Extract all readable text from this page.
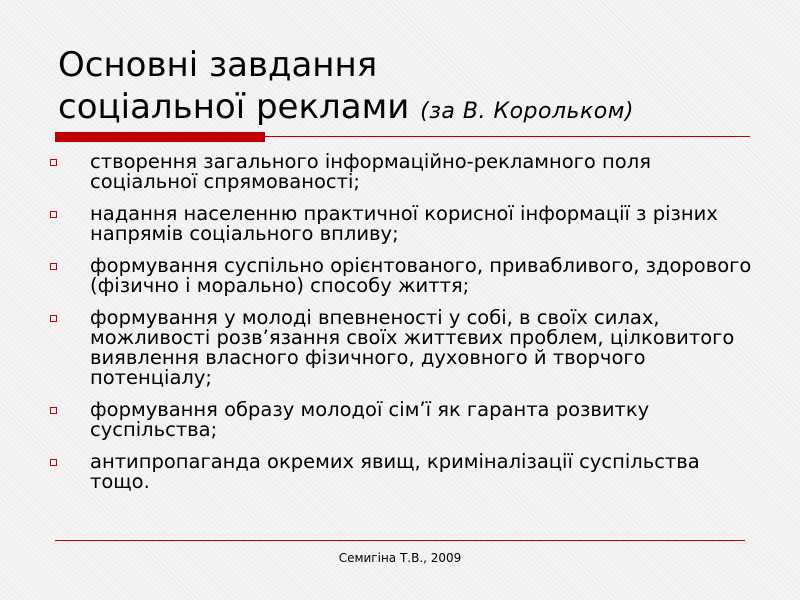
Основні завдання
соціальної реклами (за В. Корольком)
створення загального інформаційно-рекламного поля соціальної спрямованості;
надання населенню практичної корисної інформації з різних напрямів соціального впливу;
формування суспільно орієнтованого, привабливого, здорового (фізично і морально) способу життя;
формування у молоді впевненості у собі, в своїх силах, можливості розв’язання своїх життєвих проблем, цілковитого виявлення власного фізичного, духовного й творчого потенціалу;
формування образу молодої сім’ї як гаранта розвитку суспільства;
антипропаганда окремих явищ, криміналізації суспільства тощо.
Семигіна Т.В., 2009
